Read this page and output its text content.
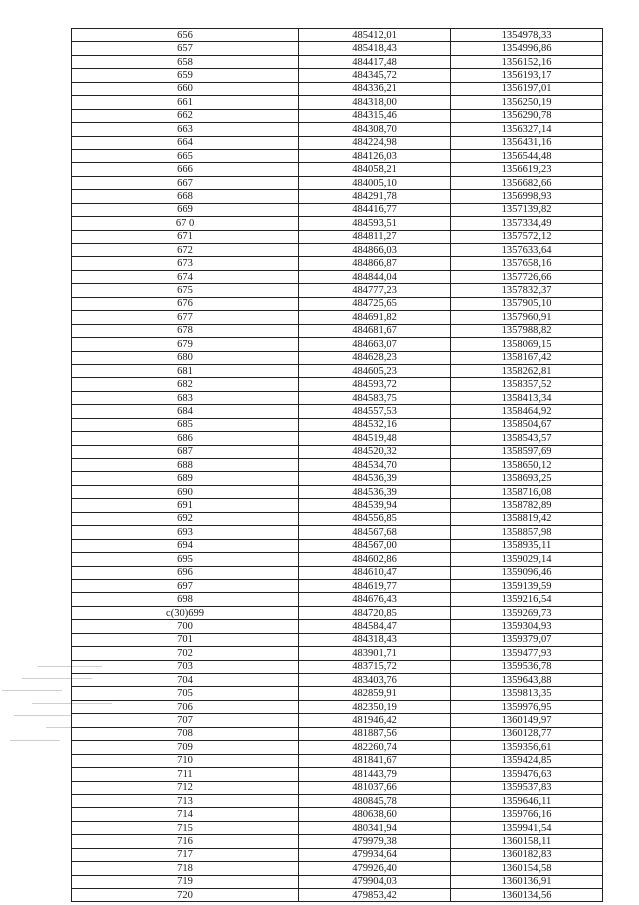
656	485412,01	1354978,33
657	485418,43	1354996,86
658	484417,48	1356152,16
659	484345,72	1356193,17
660	484336,21	1356197,01
661	484318,00	1356250,19
662	484315,46	1356290,78
663	484308,70	1356327,14
664	484224,98	1356431,16
665	484126,03	1356544,48
666	484058,21	1356619,23
667	484005,10	1356682,66
668	484291,78	1356998,93
669	484416,77	1357139,82
67 0	484593,51	1357334,49
671	484811,27	1357572,12
672	484866,03	1357633,64
673	484866,87	1357658,16
674	484844,04	1357726,66
675	484777,23	1357832,37
676	484725,65	1357905,10
677	484691,82	1357960,91
678	484681,67	1357988,82
679	484663,07	1358069,15
680	484628,23	1358167,42
681	484605,23	1358262,81
682	484593,72	1358357,52
683	484583,75	1358413,34
684	484557,53	1358464,92
685	484532,16	1358504,67
686	484519,48	1358543,57
687	484520,32	1358597,69
688	484534,70	1358650,12
689	484536,39	1358693,25
690	484536,39	1358716,08
691	484539,94	1358782,89
692	484556,85	1358819,42
693	484567,68	1358857,98
694	484567,00	1358935,11
695	484602,86	1359029,14
696	484610,47	1359096,46
697	484619,77	1359139,59
698	484676,43	1359216,54
c(30)699	484720,85	1359269,73
700	484584,47	1359304,93
701	484318,43	1359379,07
702	483901,71	1359477,93
703	483715,72	1359536,78
704	483403,76	1359643,88
705	482859,91	1359813,35
706	482350,19	1359976,95
707	481946,42	1360149,97
708	481887,56	1360128,77
709	482260,74	1359356,61
710	481841,67	1359424,85
711	481443,79	1359476,63
712	481037,66	1359537,83
713	480845,78	1359646,11
714	480638,60	1359766,16
715	480341,94	1359941,54
716	479979,38	1360158,11
717	479934,64	1360182,83
718	479926,40	1360154,58
719	479904,03	1360136,91
720	479853,42	1360134,56
